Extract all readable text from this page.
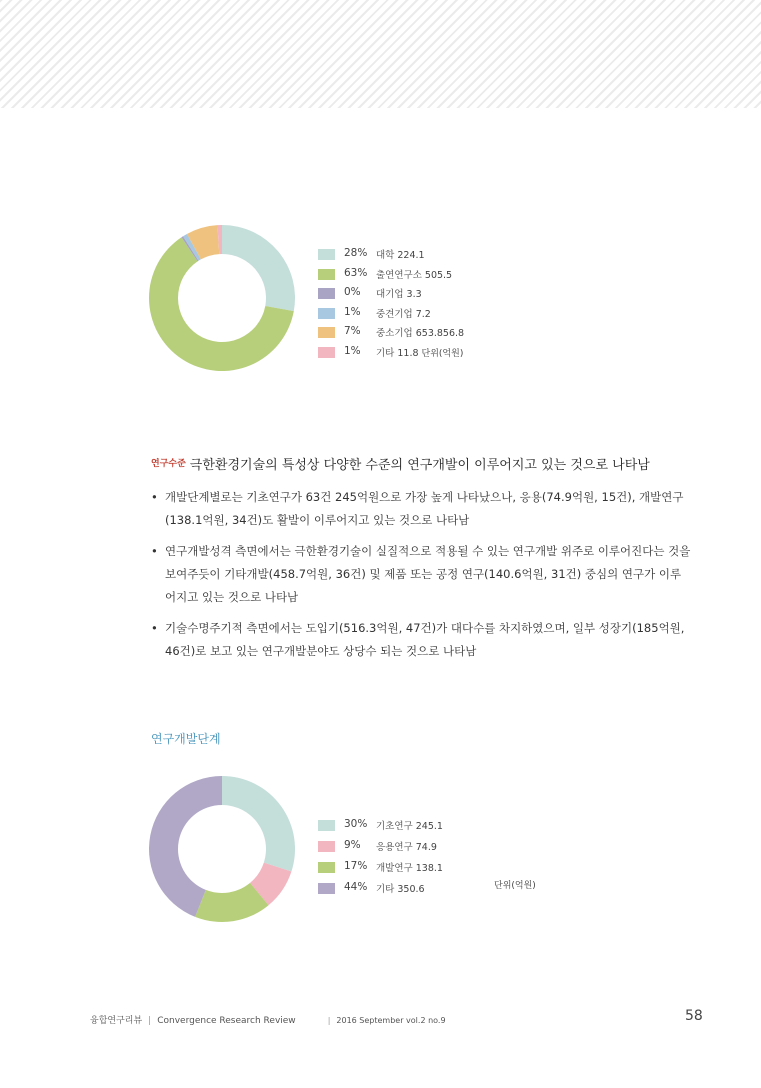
28% 대학 224.1
63% 출연연구소 505.5
0% 대기업 3.3
1% 중견기업 7.2
7% 중소기업 653.856.8
1% 기타 11.8 단위(억원)
$^{연구수준}$ 극한환경기술의 특성상 다양한 수준의 연구개발이 이루어지고 있는 것으로 나타남
• 개발단계별로는 기초연구가 63건 245억원으로 가장 높게 나타났으나, 응용(74.9억원, 15건), 개발연구(138.1억원, 34건)도 활발이 이루어지고 있는 것으로 나타남
• 연구개발성격 측면에서는 극한환경기술이 실질적으로 적용될 수 있는 연구개발 위주로 이루어진다는 것을 보여주듯이 기타개발(458.7억원, 36건) 및 제품 또는 공정 연구(140.6억원, 31건) 중심의 연구가 이루어지고 있는 것으로 나타남
• 기술수명주기적 측면에서는 도입기(516.3억원, 47건)가 대다수를 차지하였으며, 일부 성장기(185억원, 46건)로 보고 있는 연구개발분야도 상당수 되는 것으로 나타남
연구개발단계
30% 기초연구 245.1
9% 응용연구 74.9
17% 개발연구 138.1
44% 기타 350.6	단위(억원)
융합연구리뷰 | Convergence Research Review	| 2016 September vol.2 no.9	58
